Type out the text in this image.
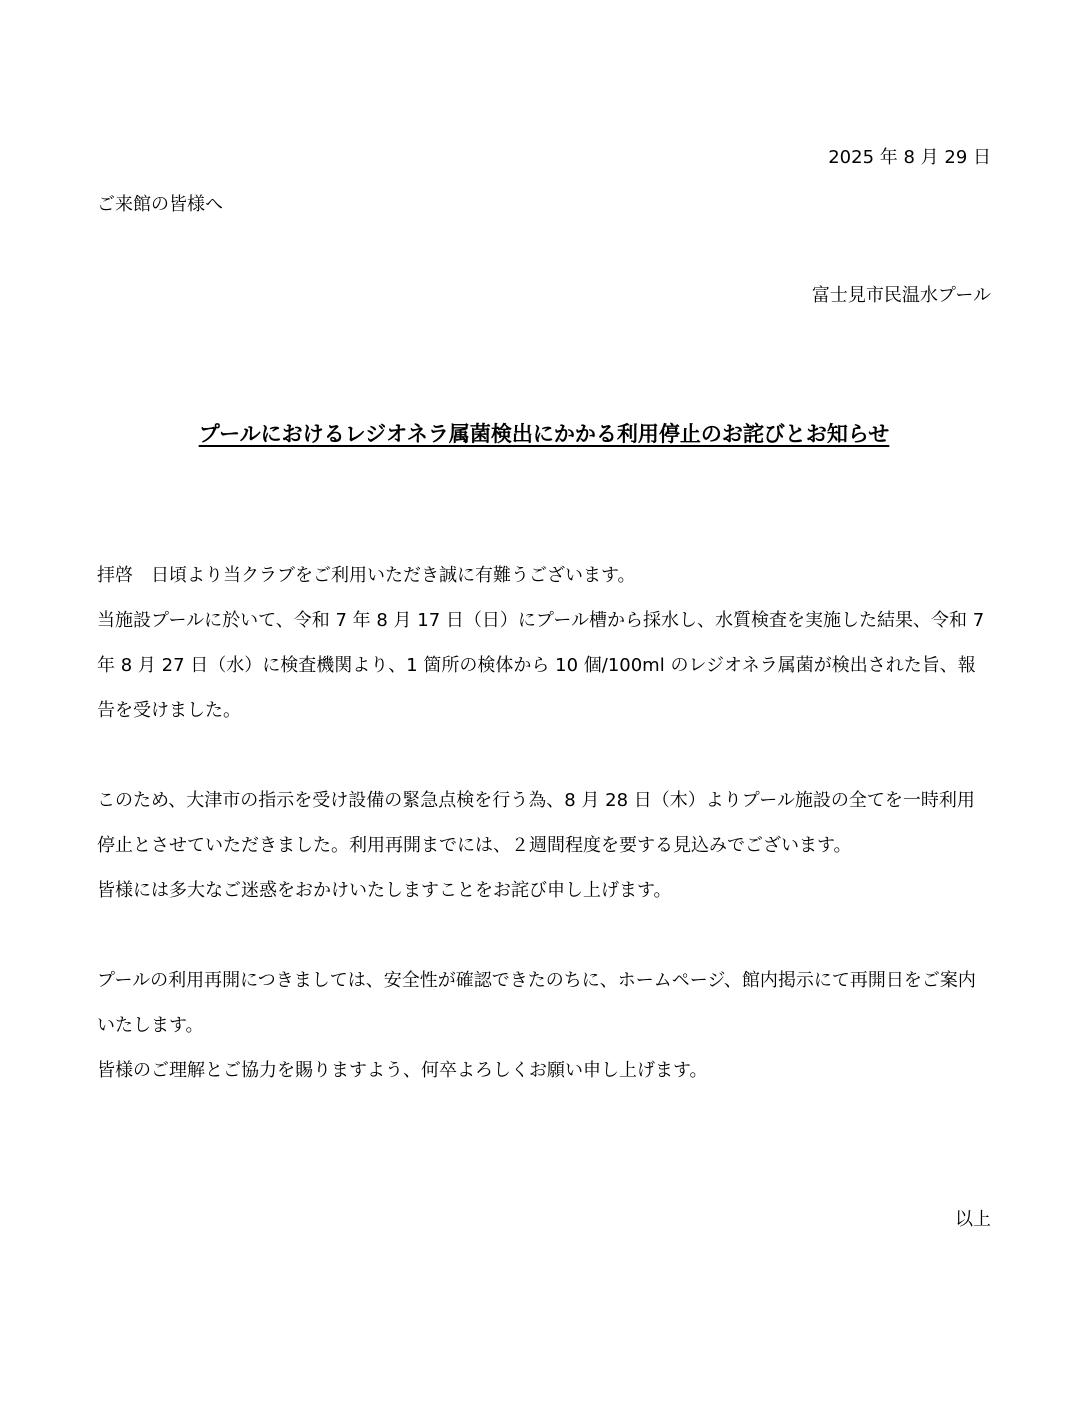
2025 年 8 月 29 日
ご来館の皆様へ
富士見市民温水プール
プールにおけるレジオネラ属菌検出にかかる利用停止のお詫びとお知らせ

拝啓　日頃より当クラブをご利用いただき誠に有難うございます。

当施設プールに於いて、令和 7 年 8 月 17 日（日）にプール槽から採水し、水質検査を実施した結果、令和 7 年 8 月 27 日（水）に検査機関より、1 箇所の検体から 10 個/100ml のレジオネラ属菌が検出された旨、報告を受けました。

このため、大津市の指示を受け設備の緊急点検を行う為、8 月 28 日（木）よりプール施設の全てを一時利用停止とさせていただきました。利用再開までには、２週間程度を要する見込みでございます。

皆様には多大なご迷惑をおかけいたしますことをお詫び申し上げます。

プールの利用再開につきましては、安全性が確認できたのちに、ホームページ、館内掲示にて再開日をご案内いたします。

皆様のご理解とご協力を賜りますよう、何卒よろしくお願い申し上げます。

以上
